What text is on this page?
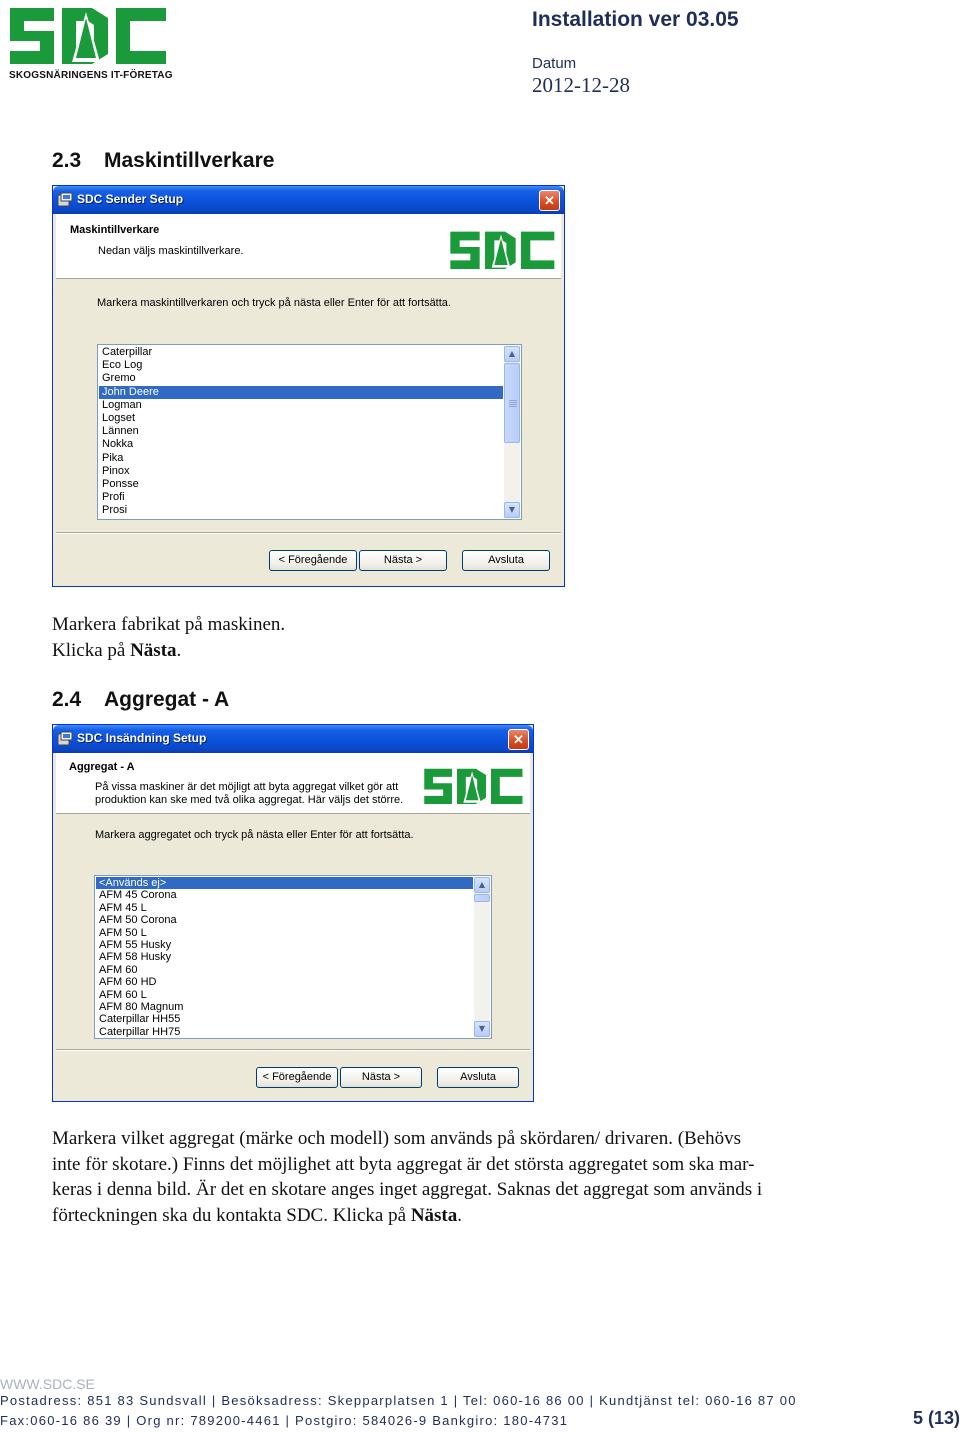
SKOGSNÄRINGENS IT-FÖRETAG
Installation ver 03.05
Datum
2012-12-28
2.3 Maskintillverkare
SDC Sender Setup	✕
Maskintillverkare
Nedan väljs maskintillverkare.
Markera maskintillverkaren och tryck på nästa eller Enter för att fortsätta.
Caterpillar
Eco Log
Gremo
John Deere
Logman
Logset
Lännen
Nokka
Pika
Pinox
Ponsse
Profi
Prosi
▲
▼
< Föregående	Nästa >	Avsluta
Markera fabrikat på maskinen.
Klicka på Nästa.
2.4 Aggregat - A
SDC Insändning Setup	✕
Aggregat - A
På vissa maskiner är det möjligt att byta aggregat vilket gör att
produktion kan ske med två olika aggregat. Här väljs det större.
Markera aggregatet och tryck på nästa eller Enter för att fortsätta.
<Används ej>
AFM 45 Corona
AFM 45 L
AFM 50 Corona
AFM 50 L
AFM 55 Husky
AFM 58 Husky
AFM 60
AFM 60 HD
AFM 60 L
AFM 80 Magnum
Caterpillar HH55
Caterpillar HH75
▲
▼
< Föregående	Nästa >	Avsluta
Markera vilket aggregat (märke och modell) som används på skördaren/ drivaren. (Behövs
inte för skotare.) Finns det möjlighet att byta aggregat är det största aggregatet som ska mar-
keras i denna bild. Är det en skotare anges inget aggregat. Saknas det aggregat som används i
förteckningen ska du kontakta SDC. Klicka på Nästa.
WWW.SDC.SE
Postadress: 851 83 Sundsvall | Besöksadress: Skepparplatsen 1 | Tel: 060-16 86 00 | Kundtjänst tel: 060-16 87 00
Fax:060-16 86 39 | Org nr: 789200-4461 | Postgiro: 584026-9 Bankgiro: 180-4731	5 (13)
